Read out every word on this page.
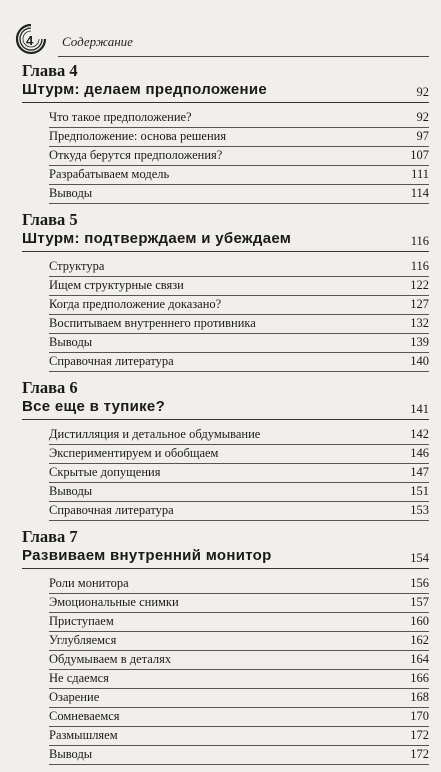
4 Содержание
Глава 4
Штурм: делаем предположение	92
Что такое предположение?	92
Предположение: основа решения	97
Откуда берутся предположения?	107
Разрабатываем модель	111
Выводы	114
Глава 5
Штурм: подтверждаем и убеждаем	116
Структура	116
Ищем структурные связи	122
Когда предположение доказано?	127
Воспитываем внутреннего противника	132
Выводы	139
Справочная литература	140
Глава 6
Все еще в тупике?	141
Дистилляция и детальное обдумывание	142
Экспериментируем и обобщаем	146
Скрытые допущения	147
Выводы	151
Справочная литература	153
Глава 7
Развиваем внутренний монитор	154
Роли монитора	156
Эмоциональные снимки	157
Приступаем	160
Углубляемся	162
Обдумываем в деталях	164
Не сдаемся	166
Озарение	168
Сомневаемся	170
Размышляем	172
Выводы	172
